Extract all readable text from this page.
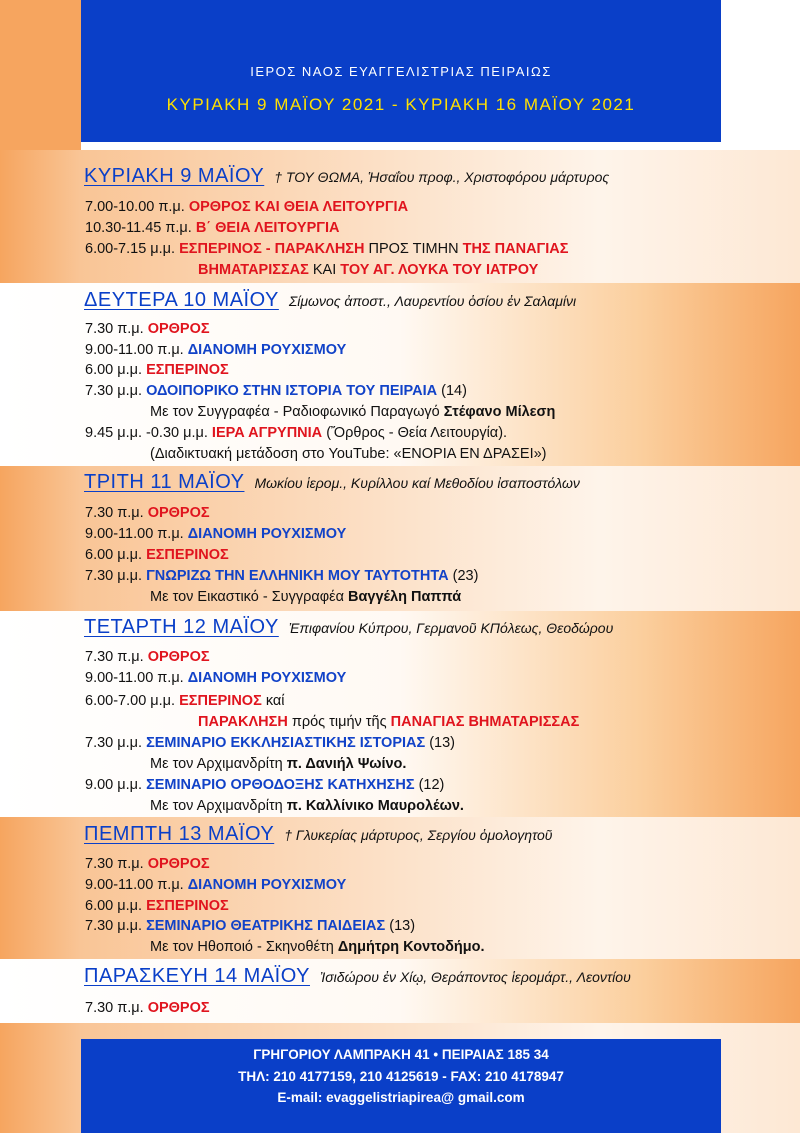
ΙΕΡΟΣ ΝΑΟΣ ΕΥΑΓΓΕΛΙΣΤΡΙΑΣ ΠΕΙΡΑΙΩΣ
ΚΥΡΙΑΚΗ 9 ΜΑΪΟΥ 2021 - ΚΥΡΙΑΚΗ 16 ΜΑΪΟΥ 2021
ΚΥΡΙΑΚΗ 9 ΜΑΪΟΥ † ΤΟΥ ΘΩΜΑ, Ἡσαΐου προφ., Χριστοφόρου μάρτυρος
7.00-10.00 π.μ. ΟΡΘΡΟΣ ΚΑΙ ΘΕΙΑ ΛΕΙΤΟΥΡΓΙΑ
10.30-11.45 π.μ. Β΄ ΘΕΙΑ ΛΕΙΤΟΥΡΓΙΑ
6.00-7.15 μ.μ. ΕΣΠΕΡΙΝΟΣ - ΠΑΡΑΚΛΗΣΗ ΠΡΟΣ ΤΙΜΗΝ ΤΗΣ ΠΑΝΑΓΙΑΣ
ΒΗΜΑΤΑΡΙΣΣΑΣ ΚΑΙ ΤΟΥ ΑΓ. ΛΟΥΚΑ ΤΟΥ ΙΑΤΡΟΥ
ΔΕΥΤΕΡΑ 10 ΜΑΪΟΥ Σίμωνος ἀποστ., Λαυρεντίου ὁσίου ἐν Σαλαμίνι
7.30 π.μ. ΟΡΘΡΟΣ
9.00-11.00 π.μ. ΔΙΑΝΟΜΗ ΡΟΥΧΙΣΜΟΥ
6.00 μ.μ. ΕΣΠΕΡΙΝΟΣ
7.30 μ.μ. ΟΔΟΙΠΟΡΙΚΟ ΣΤΗΝ ΙΣΤΟΡΙΑ ΤΟΥ ΠΕΙΡΑΙΑ (14)
Με τον Συγγραφέα - Ραδιοφωνικό Παραγωγό Στέφανο Μίλεση
9.45 μ.μ. -0.30 μ.μ. ΙΕΡΑ ΑΓΡΥΠΝΙΑ (Ὄρθρος - Θεία Λειτουργία).
(Διαδικτυακή μετάδοση στο YouTube: «ΕΝΟΡΙΑ ΕΝ ΔΡΑΣΕΙ»)
ΤΡΙΤΗ 11 ΜΑΪΟΥ Μωκίου ἱερομ., Κυρίλλου καί Μεθοδίου ἰσαποστόλων
7.30 π.μ. ΟΡΘΡΟΣ
9.00-11.00 π.μ. ΔΙΑΝΟΜΗ ΡΟΥΧΙΣΜΟΥ
6.00 μ.μ. ΕΣΠΕΡΙΝΟΣ
7.30 μ.μ. ΓΝΩΡΙΖΩ ΤΗΝ ΕΛΛΗΝΙΚΗ ΜΟΥ ΤΑΥΤΟΤΗΤΑ (23)
Με τον Εικαστικό - Συγγραφέα Βαγγέλη Παππά
ΤΕΤΑΡΤΗ 12 ΜΑΪΟΥ Ἐπιφανίου Κύπρου, Γερμανοῦ ΚΠόλεως, Θεοδώρου
7.30 π.μ. ΟΡΘΡΟΣ
9.00-11.00 π.μ. ΔΙΑΝΟΜΗ ΡΟΥΧΙΣΜΟΥ
6.00-7.00 μ.μ. ΕΣΠΕΡΙΝΟΣ καί
ΠΑΡΑΚΛΗΣΗ πρός τιμήν τῆς ΠΑΝΑΓΙΑΣ ΒΗΜΑΤΑΡΙΣΣΑΣ
7.30 μ.μ. ΣΕΜΙΝΑΡΙΟ ΕΚΚΛΗΣΙΑΣΤΙΚΗΣ ΙΣΤΟΡΙΑΣ (13)
Με τον Αρχιμανδρίτη π. Δανιήλ Ψωίνο.
9.00 μ.μ. ΣΕΜΙΝΑΡΙΟ ΟΡΘΟΔΟΞΗΣ ΚΑΤΗΧΗΣΗΣ (12)
Με τον Αρχιμανδρίτη π. Καλλίνικο Μαυρολέων.
ΠΕΜΠΤΗ 13 ΜΑΪΟΥ † Γλυκερίας μάρτυρος, Σεργίου ὁμολογητοῦ
7.30 π.μ. ΟΡΘΡΟΣ
9.00-11.00 π.μ. ΔΙΑΝΟΜΗ ΡΟΥΧΙΣΜΟΥ
6.00 μ.μ. ΕΣΠΕΡΙΝΟΣ
7.30 μ.μ. ΣΕΜΙΝΑΡΙΟ ΘΕΑΤΡΙΚΗΣ ΠΑΙΔΕΙΑΣ (13)
Με τον Ηθοποιό - Σκηνοθέτη Δημήτρη Κοντοδήμο.
ΠΑΡΑΣΚΕΥΗ 14 ΜΑΪΟΥ Ἰσιδώρου ἐν Χίῳ, Θεράποντος ἱερομάρτ., Λεοντίου
7.30 π.μ. ΟΡΘΡΟΣ
ΓΡΗΓΟΡΙΟΥ ΛΑΜΠΡΑΚΗ 41 • ΠΕΙΡΑΙΑΣ 185 34
ΤΗΛ: 210 4177159, 210 4125619 - FAX: 210 4178947
E-mail: evaggelistriapirea@ gmail.com
